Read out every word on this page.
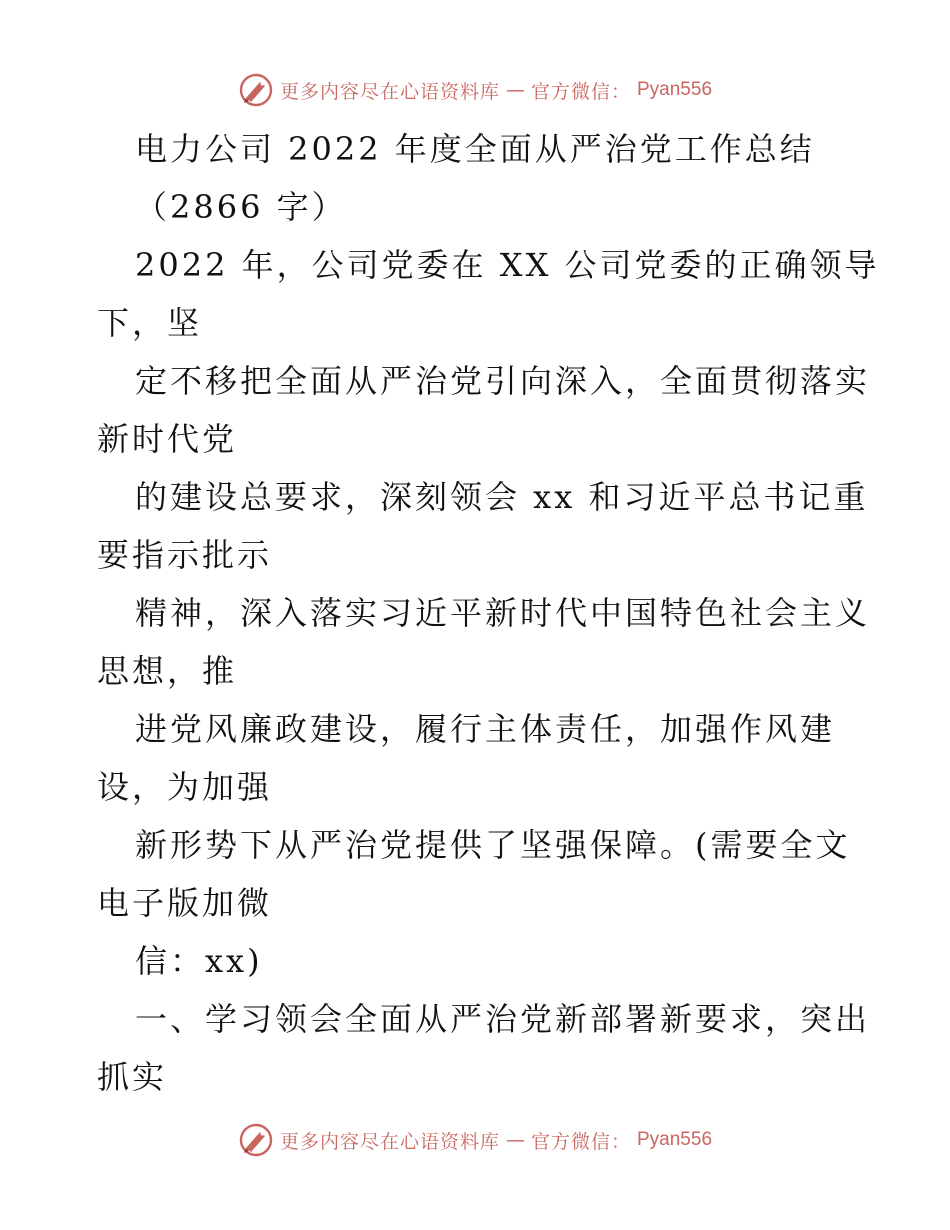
更多内容尽在心语资料库 — 官方微信： Pyan556
电力公司 2022 年度全面从严治党工作总结
（2866 字）
2022 年，公司党委在 XX 公司党委的正确领导
下，坚
定不移把全面从严治党引向深入，全面贯彻落实
新时代党
的建设总要求，深刻领会 xx 和习近平总书记重
要指示批示
精神，深入落实习近平新时代中国特色社会主义
思想，推
进党风廉政建设，履行主体责任，加强作风建
设，为加强
新形势下从严治党提供了坚强保障。(需要全文
电子版加微
信：xx)
一、学习领会全面从严治党新部署新要求，突出
抓实
更多内容尽在心语资料库 — 官方微信： Pyan556
